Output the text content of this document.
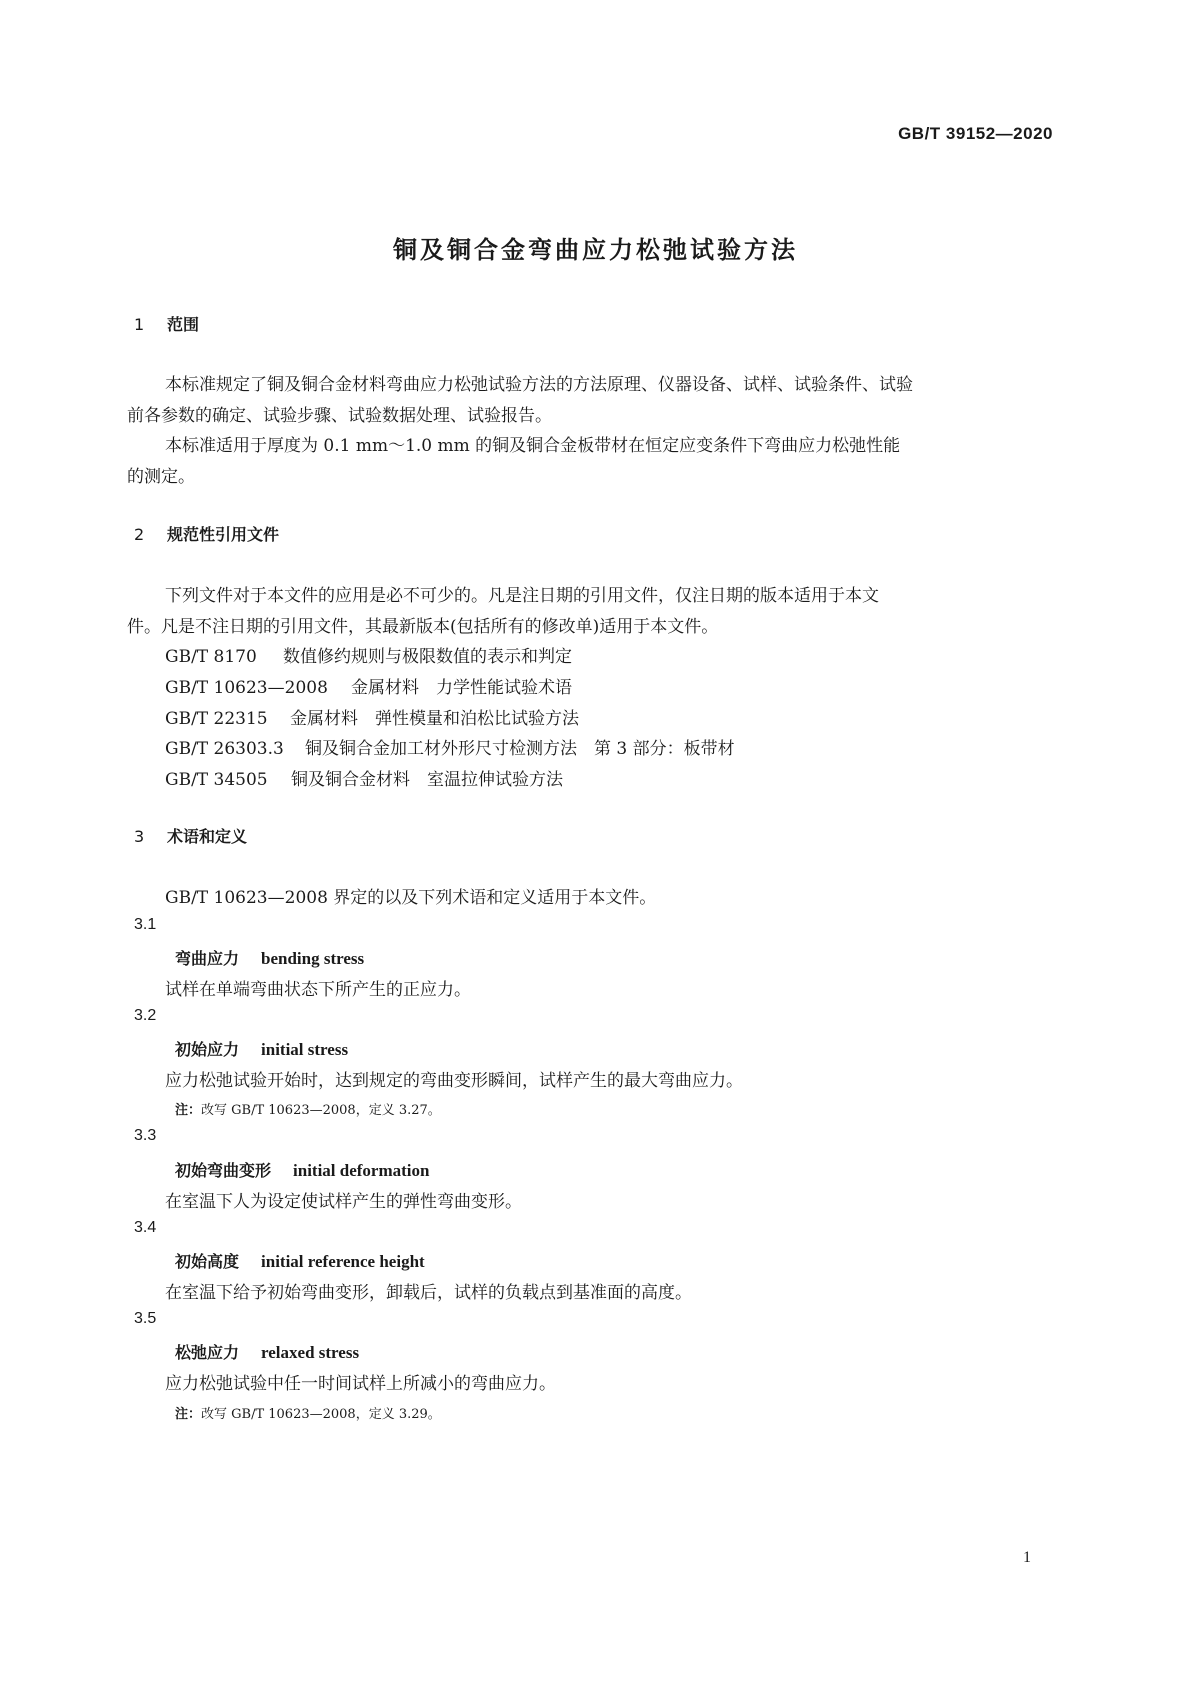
GB/T 39152—2020
铜及铜合金弯曲应力松弛试验方法
1 范围
本标准规定了铜及铜合金材料弯曲应力松弛试验方法的方法原理、仪器设备、试样、试验条件、试验
前各参数的确定、试验步骤、试验数据处理、试验报告。
本标准适用于厚度为 0.1 mm～1.0 mm 的铜及铜合金板带材在恒定应变条件下弯曲应力松弛性能
的测定。
2 规范性引用文件
下列文件对于本文件的应用是必不可少的。凡是注日期的引用文件，仅注日期的版本适用于本文
件。凡是不注日期的引用文件，其最新版本(包括所有的修改单)适用于本文件。
GB/T 8170 数值修约规则与极限数值的表示和判定
GB/T 10623—2008 金属材料　力学性能试验术语
GB/T 22315 金属材料　弹性模量和泊松比试验方法
GB/T 26303.3 铜及铜合金加工材外形尺寸检测方法　第 3 部分：板带材
GB/T 34505 铜及铜合金材料　室温拉伸试验方法
3 术语和定义
GB/T 10623—2008 界定的以及下列术语和定义适用于本文件。
3.1
弯曲应力 bending stress
试样在单端弯曲状态下所产生的正应力。
3.2
初始应力 initial stress
应力松弛试验开始时，达到规定的弯曲变形瞬间，试样产生的最大弯曲应力。
注：改写 GB/T 10623—2008，定义 3.27。
3.3
初始弯曲变形 initial deformation
在室温下人为设定使试样产生的弹性弯曲变形。
3.4
初始高度 initial reference height
在室温下给予初始弯曲变形，卸载后，试样的负载点到基准面的高度。
3.5
松弛应力 relaxed stress
应力松弛试验中任一时间试样上所减小的弯曲应力。
注：改写 GB/T 10623—2008，定义 3.29。
1
